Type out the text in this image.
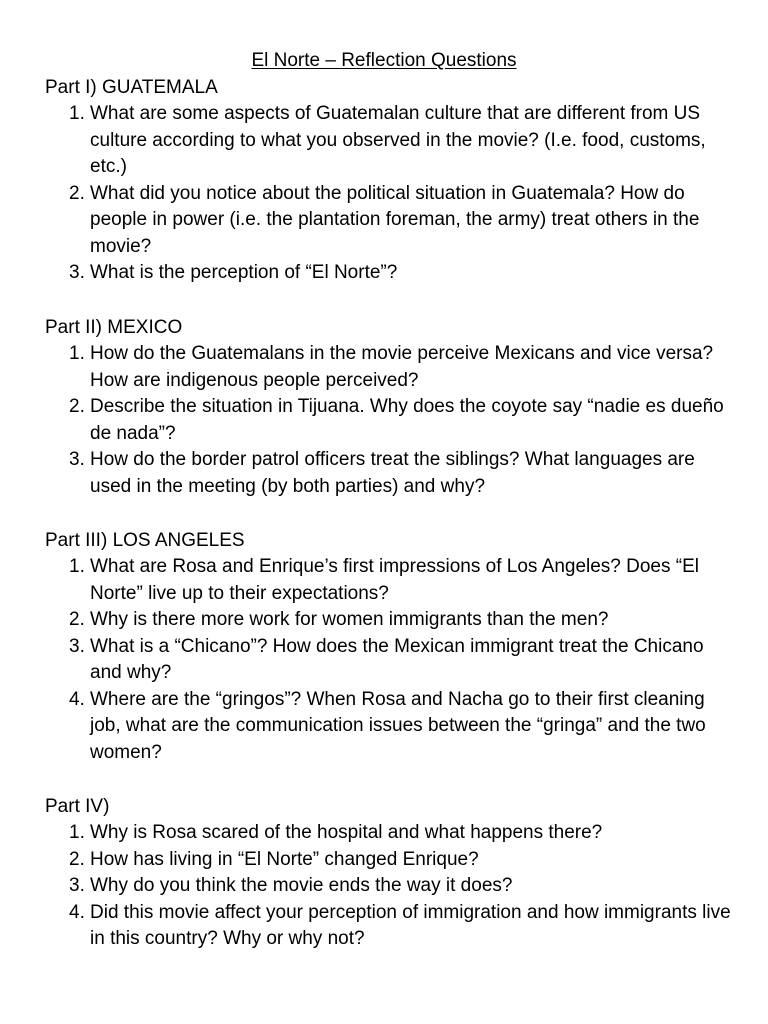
El Norte – Reflection Questions
Part I) GUATEMALA
1. What are some aspects of Guatemalan culture that are different from US culture according to what you observed in the movie? (I.e. food, customs, etc.)
2. What did you notice about the political situation in Guatemala? How do people in power (i.e. the plantation foreman, the army) treat others in the movie?
3. What is the perception of “El Norte”?
Part II) MEXICO
1. How do the Guatemalans in the movie perceive Mexicans and vice versa? How are indigenous people perceived?
2. Describe the situation in Tijuana. Why does the coyote say “nadie es dueño de nada”?
3. How do the border patrol officers treat the siblings? What languages are used in the meeting (by both parties) and why?
Part III) LOS ANGELES
1. What are Rosa and Enrique’s first impressions of Los Angeles? Does “El Norte” live up to their expectations?
2. Why is there more work for women immigrants than the men?
3. What is a “Chicano”? How does the Mexican immigrant treat the Chicano and why?
4. Where are the “gringos”? When Rosa and Nacha go to their first cleaning job, what are the communication issues between the “gringa” and the two women?
Part IV)
1. Why is Rosa scared of the hospital and what happens there?
2. How has living in “El Norte” changed Enrique?
3. Why do you think the movie ends the way it does?
4. Did this movie affect your perception of immigration and how immigrants live in this country? Why or why not?
